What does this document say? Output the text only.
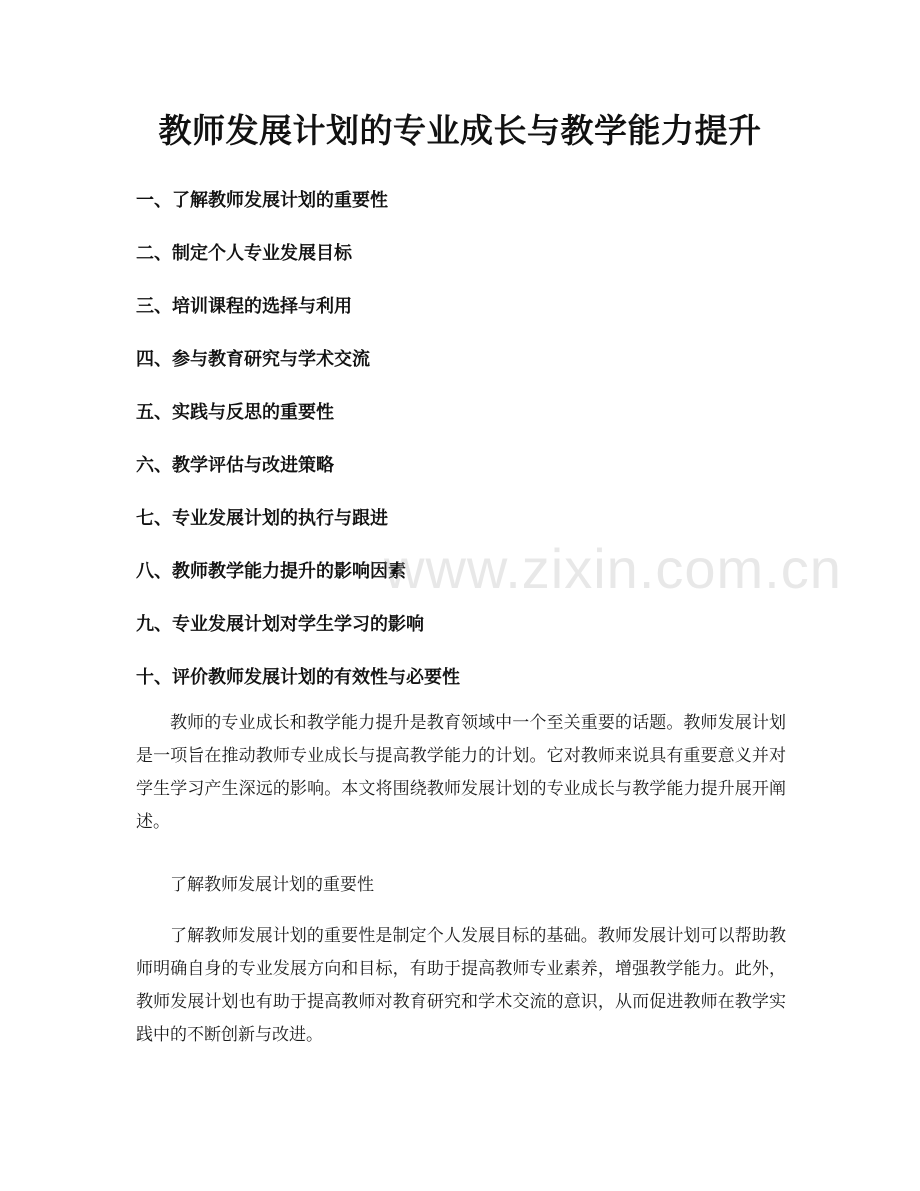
教师发展计划的专业成长与教学能力提升
一、了解教师发展计划的重要性
二、制定个人专业发展目标
三、培训课程的选择与利用
四、参与教育研究与学术交流
五、实践与反思的重要性
六、教学评估与改进策略
七、专业发展计划的执行与跟进
八、教师教学能力提升的影响因素
九、专业发展计划对学生学习的影响
十、评价教师发展计划的有效性与必要性

教师的专业成长和教学能力提升是教育领域中一个至关重要的话题。教师发展计划是一项旨在推动教师专业成长与提高教学能力的计划。它对教师来说具有重要意义并对学生学习产生深远的影响。本文将围绕教师发展计划的专业成长与教学能力提升展开阐述。

了解教师发展计划的重要性

了解教师发展计划的重要性是制定个人发展目标的基础。教师发展计划可以帮助教师明确自身的专业发展方向和目标，有助于提高教师专业素养，增强教学能力。此外，教师发展计划也有助于提高教师对教育研究和学术交流的意识，从而促进教师在教学实践中的不断创新与改进。

www.zixin.com.cn
